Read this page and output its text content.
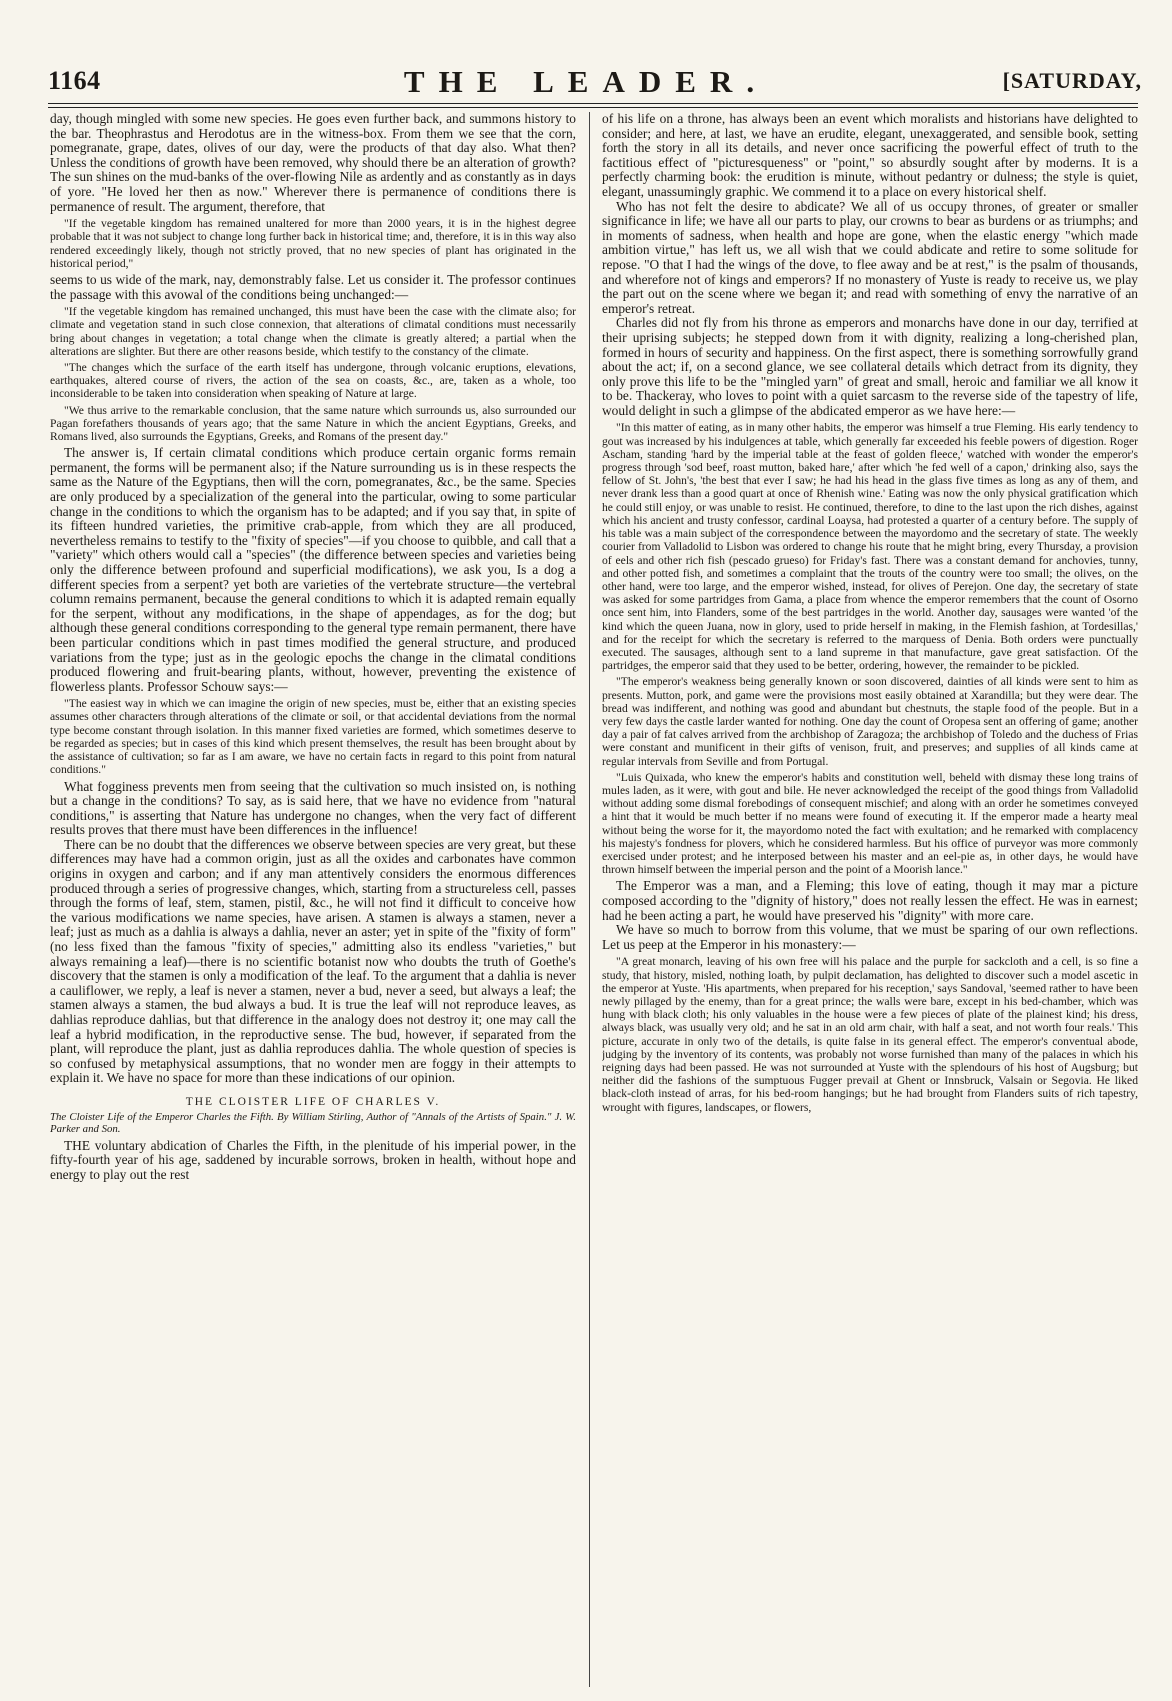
1164	THE LEADER.	[SATURDAY,

day, though mingled with some new species. He goes even further back, and summons history to the bar. Theophrastus and Herodotus are in the witness-box. From them we see that the corn, pomegranate, grape, dates, olives of our day, were the products of that day also. What then? Unless the conditions of growth have been removed, why should there be an alteration of growth? The sun shines on the mud-banks of the over-flowing Nile as ardently and as constantly as in days of yore. "He loved her then as now." Wherever there is permanence of conditions there is permanence of result. The argument, therefore, that

"If the vegetable kingdom has remained unaltered for more than 2000 years, it is in the highest degree probable that it was not subject to change long further back in historical time; and, therefore, it is in this way also rendered exceedingly likely, though not strictly proved, that no new species of plant has originated in the historical period,"

seems to us wide of the mark, nay, demonstrably false. Let us consider it. The professor continues the passage with this avowal of the conditions being unchanged:—

"If the vegetable kingdom has remained unchanged, this must have been the case with the climate also; for climate and vegetation stand in such close connexion, that alterations of climatal conditions must necessarily bring about changes in vegetation; a total change when the climate is greatly altered; a partial when the alterations are slighter. But there are other reasons beside, which testify to the constancy of the climate.

"The changes which the surface of the earth itself has undergone, through volcanic eruptions, elevations, earthquakes, altered course of rivers, the action of the sea on coasts, &c., are, taken as a whole, too inconsiderable to be taken into consideration when speaking of Nature at large.

"We thus arrive to the remarkable conclusion, that the same nature which surrounds us, also surrounded our Pagan forefathers thousands of years ago; that the same Nature in which the ancient Egyptians, Greeks, and Romans lived, also surrounds the Egyptians, Greeks, and Romans of the present day."

The answer is, If certain climatal conditions which produce certain organic forms remain permanent, the forms will be permanent also; if the Nature surrounding us is in these respects the same as the Nature of the Egyptians, then will the corn, pomegranates, &c., be the same. Species are only produced by a specialization of the general into the particular, owing to some particular change in the conditions to which the organism has to be adapted; and if you say that, in spite of its fifteen hundred varieties, the primitive crab-apple, from which they are all produced, nevertheless remains to testify to the "fixity of species"—if you choose to quibble, and call that a "variety" which others would call a "species" (the difference between species and varieties being only the difference between profound and superficial modifications), we ask you, Is a dog a different species from a serpent? yet both are varieties of the vertebrate structure—the vertebral column remains permanent, because the general conditions to which it is adapted remain equally for the serpent, without any modifications, in the shape of appendages, as for the dog; but although these general conditions corresponding to the general type remain permanent, there have been particular conditions which in past times modified the general structure, and produced variations from the type; just as in the geologic epochs the change in the climatal conditions produced flowering and fruit-bearing plants, without, however, preventing the existence of flowerless plants. Professor Schouw says:—

"The easiest way in which we can imagine the origin of new species, must be, either that an existing species assumes other characters through alterations of the climate or soil, or that accidental deviations from the normal type become constant through isolation. In this manner fixed varieties are formed, which sometimes deserve to be regarded as species; but in cases of this kind which present themselves, the result has been brought about by the assistance of cultivation; so far as I am aware, we have no certain facts in regard to this point from natural conditions."

What fogginess prevents men from seeing that the cultivation so much insisted on, is nothing but a change in the conditions? To say, as is said here, that we have no evidence from "natural conditions," is asserting that Nature has undergone no changes, when the very fact of different results proves that there must have been differences in the influence!

There can be no doubt that the differences we observe between species are very great, but these differences may have had a common origin, just as all the oxides and carbonates have common origins in oxygen and carbon; and if any man attentively considers the enormous differences produced through a series of progressive changes, which, starting from a structureless cell, passes through the forms of leaf, stem, stamen, pistil, &c., he will not find it difficult to conceive how the various modifications we name species, have arisen. A stamen is always a stamen, never a leaf; just as much as a dahlia is always a dahlia, never an aster; yet in spite of the "fixity of form" (no less fixed than the famous "fixity of species," admitting also its endless "varieties," but always remaining a leaf)—there is no scientific botanist now who doubts the truth of Goethe's discovery that the stamen is only a modification of the leaf. To the argument that a dahlia is never a cauliflower, we reply, a leaf is never a stamen, never a bud, never a seed, but always a leaf; the stamen always a stamen, the bud always a bud. It is true the leaf will not reproduce leaves, as dahlias reproduce dahlias, but that difference in the analogy does not destroy it; one may call the leaf a hybrid modification, in the reproductive sense. The bud, however, if separated from the plant, will reproduce the plant, just as dahlia reproduces dahlia. The whole question of species is so confused by metaphysical assumptions, that no wonder men are foggy in their attempts to explain it. We have no space for more than these indications of our opinion.

THE CLOISTER LIFE OF CHARLES V.

The Cloister Life of the Emperor Charles the Fifth. By William Stirling, Author of "Annals of the Artists of Spain." J. W. Parker and Son.

THE voluntary abdication of Charles the Fifth, in the plenitude of his imperial power, in the fifty-fourth year of his age, saddened by incurable sorrows, broken in health, without hope and energy to play out the rest

of his life on a throne, has always been an event which moralists and historians have delighted to consider; and here, at last, we have an erudite, elegant, unexaggerated, and sensible book, setting forth the story in all its details, and never once sacrificing the powerful effect of truth to the factitious effect of "picturesqueness" or "point," so absurdly sought after by moderns. It is a perfectly charming book: the erudition is minute, without pedantry or dulness; the style is quiet, elegant, unassumingly graphic. We commend it to a place on every historical shelf.

Who has not felt the desire to abdicate? We all of us occupy thrones, of greater or smaller significance in life; we have all our parts to play, our crowns to bear as burdens or as triumphs; and in moments of sadness, when health and hope are gone, when the elastic energy "which made ambition virtue," has left us, we all wish that we could abdicate and retire to some solitude for repose. "O that I had the wings of the dove, to flee away and be at rest," is the psalm of thousands, and wherefore not of kings and emperors? If no monastery of Yuste is ready to receive us, we play the part out on the scene where we began it; and read with something of envy the narrative of an emperor's retreat.

Charles did not fly from his throne as emperors and monarchs have done in our day, terrified at their uprising subjects; he stepped down from it with dignity, realizing a long-cherished plan, formed in hours of security and happiness. On the first aspect, there is something sorrowfully grand about the act; if, on a second glance, we see collateral details which detract from its dignity, they only prove this life to be the "mingled yarn" of great and small, heroic and familiar we all know it to be. Thackeray, who loves to point with a quiet sarcasm to the reverse side of the tapestry of life, would delight in such a glimpse of the abdicated emperor as we have here:—

"In this matter of eating, as in many other habits, the emperor was himself a true Fleming. His early tendency to gout was increased by his indulgences at table, which generally far exceeded his feeble powers of digestion. Roger Ascham, standing 'hard by the imperial table at the feast of golden fleece,' watched with wonder the emperor's progress through 'sod beef, roast mutton, baked hare,' after which 'he fed well of a capon,' drinking also, says the fellow of St. John's, 'the best that ever I saw; he had his head in the glass five times as long as any of them, and never drank less than a good quart at once of Rhenish wine.' Eating was now the only physical gratification which he could still enjoy, or was unable to resist. He continued, therefore, to dine to the last upon the rich dishes, against which his ancient and trusty confessor, cardinal Loaysa, had protested a quarter of a century before. The supply of his table was a main subject of the correspondence between the mayordomo and the secretary of state. The weekly courier from Valladolid to Lisbon was ordered to change his route that he might bring, every Thursday, a provision of eels and other rich fish (pescado grueso) for Friday's fast. There was a constant demand for anchovies, tunny, and other potted fish, and sometimes a complaint that the trouts of the country were too small; the olives, on the other hand, were too large, and the emperor wished, instead, for olives of Perejon. One day, the secretary of state was asked for some partridges from Gama, a place from whence the emperor remembers that the count of Osorno once sent him, into Flanders, some of the best partridges in the world. Another day, sausages were wanted 'of the kind which the queen Juana, now in glory, used to pride herself in making, in the Flemish fashion, at Tordesillas,' and for the receipt for which the secretary is referred to the marquess of Denia. Both orders were punctually executed. The sausages, although sent to a land supreme in that manufacture, gave great satisfaction. Of the partridges, the emperor said that they used to be better, ordering, however, the remainder to be pickled.

"The emperor's weakness being generally known or soon discovered, dainties of all kinds were sent to him as presents. Mutton, pork, and game were the provisions most easily obtained at Xarandilla; but they were dear. The bread was indifferent, and nothing was good and abundant but chestnuts, the staple food of the people. But in a very few days the castle larder wanted for nothing. One day the count of Oropesa sent an offering of game; another day a pair of fat calves arrived from the archbishop of Zaragoza; the archbishop of Toledo and the duchess of Frias were constant and munificent in their gifts of venison, fruit, and preserves; and supplies of all kinds came at regular intervals from Seville and from Portugal.

"Luis Quixada, who knew the emperor's habits and constitution well, beheld with dismay these long trains of mules laden, as it were, with gout and bile. He never acknowledged the receipt of the good things from Valladolid without adding some dismal forebodings of consequent mischief; and along with an order he sometimes conveyed a hint that it would be much better if no means were found of executing it. If the emperor made a hearty meal without being the worse for it, the mayordomo noted the fact with exultation; and he remarked with complacency his majesty's fondness for plovers, which he considered harmless. But his office of purveyor was more commonly exercised under protest; and he interposed between his master and an eel-pie as, in other days, he would have thrown himself between the imperial person and the point of a Moorish lance."

The Emperor was a man, and a Fleming; this love of eating, though it may mar a picture composed according to the "dignity of history," does not really lessen the effect. He was in earnest; had he been acting a part, he would have preserved his "dignity" with more care.

We have so much to borrow from this volume, that we must be sparing of our own reflections. Let us peep at the Emperor in his monastery:—

"A great monarch, leaving of his own free will his palace and the purple for sackcloth and a cell, is so fine a study, that history, misled, nothing loath, by pulpit declamation, has delighted to discover such a model ascetic in the emperor at Yuste. 'His apartments, when prepared for his reception,' says Sandoval, 'seemed rather to have been newly pillaged by the enemy, than for a great prince; the walls were bare, except in his bed-chamber, which was hung with black cloth; his only valuables in the house were a few pieces of plate of the plainest kind; his dress, always black, was usually very old; and he sat in an old arm chair, with half a seat, and not worth four reals.' This picture, accurate in only two of the details, is quite false in its general effect. The emperor's conventual abode, judging by the inventory of its contents, was probably not worse furnished than many of the palaces in which his reigning days had been passed. He was not surrounded at Yuste with the splendours of his host of Augsburg; but neither did the fashions of the sumptuous Fugger prevail at Ghent or Innsbruck, Valsain or Segovia. He liked black-cloth instead of arras, for his bed-room hangings; but he had brought from Flanders suits of rich tapestry, wrought with figures, landscapes, or flowers,
